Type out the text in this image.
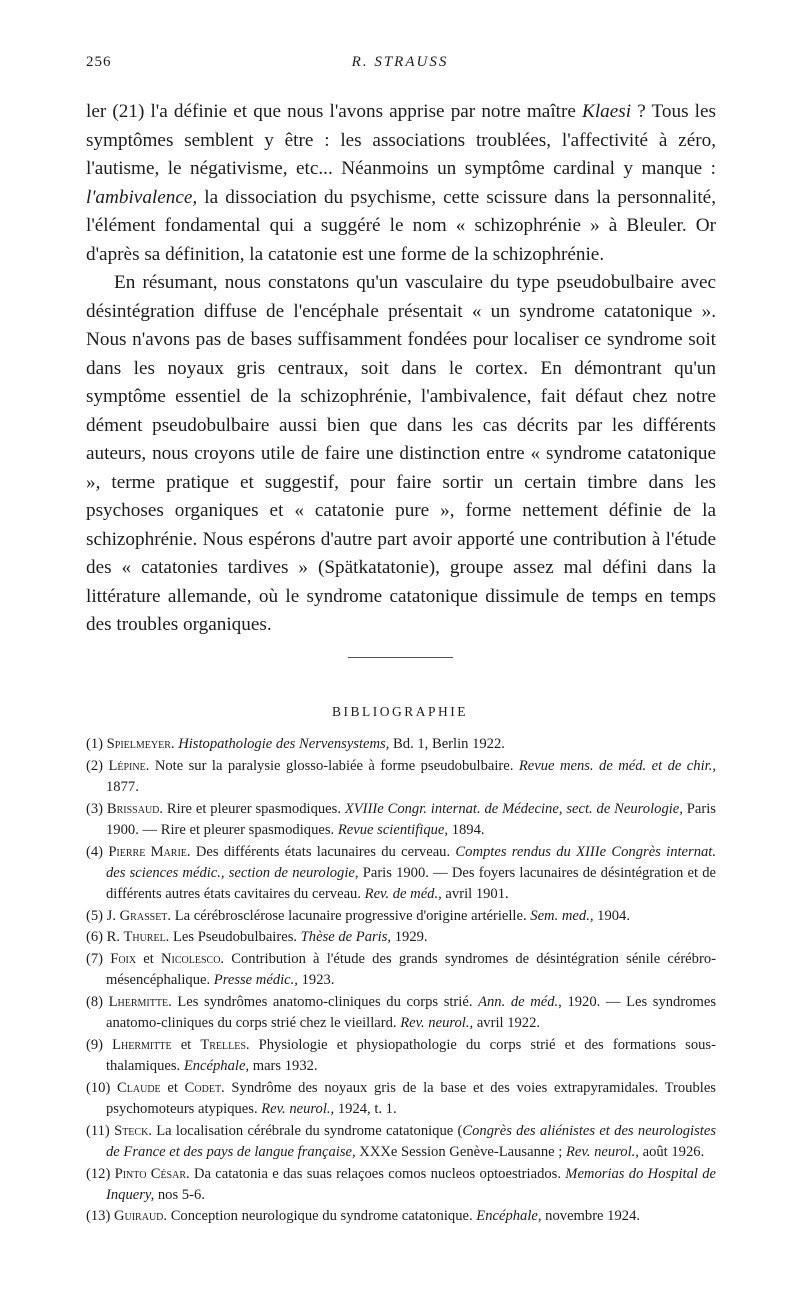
256	R. STRAUSS

ler (21) l'a définie et que nous l'avons apprise par notre maître Klaesi ? Tous les symptômes semblent y être : les associations troublées, l'affectivité à zéro, l'autisme, le négativisme, etc... Néanmoins un symptôme cardinal y manque : l'ambivalence, la dissociation du psychisme, cette scissure dans la personnalité, l'élément fondamental qui a suggéré le nom « schizophrénie » à Bleuler. Or d'après sa définition, la catatonie est une forme de la schizophrénie.

En résumant, nous constatons qu'un vasculaire du type pseudobulbaire avec désintégration diffuse de l'encéphale présentait « un syndrome catatonique ». Nous n'avons pas de bases suffisamment fondées pour localiser ce syndrome soit dans les noyaux gris centraux, soit dans le cortex. En démontrant qu'un symptôme essentiel de la schizophrénie, l'ambivalence, fait défaut chez notre dément pseudobulbaire aussi bien que dans les cas décrits par les différents auteurs, nous croyons utile de faire une distinction entre « syndrome catatonique », terme pratique et suggestif, pour faire sortir un certain timbre dans les psychoses organiques et « catatonie pure », forme nettement définie de la schizophrénie. Nous espérons d'autre part avoir apporté une contribution à l'étude des « catatonies tardives » (Spätkatatonie), groupe assez mal défini dans la littérature allemande, où le syndrome catatonique dissimule de temps en temps des troubles organiques.

BIBLIOGRAPHIE
(1) Spielmeyer. Histopathologie des Nervensystems, Bd. 1, Berlin 1922.
(2) Lépine. Note sur la paralysie glosso-labiée à forme pseudobulbaire. Revue mens. de méd. et de chir., 1877.
(3) Brissaud. Rire et pleurer spasmodiques. XVIIIe Congr. internat. de Médecine, sect. de Neurologie, Paris 1900. — Rire et pleurer spasmodiques. Revue scientifique, 1894.
(4) Pierre Marie. Des différents états lacunaires du cerveau. Comptes rendus du XIIIe Congrès internat. des sciences médic., section de neurologie, Paris 1900. — Des foyers lacunaires de désintégration et de différents autres états cavitaires du cerveau. Rev. de méd., avril 1901.
(5) J. Grasset. La cérébrosclérose lacunaire progressive d'origine artérielle. Sem. med., 1904.
(6) R. Thurel. Les Pseudobulbaires. Thèse de Paris, 1929.
(7) Foix et Nicolesco. Contribution à l'étude des grands syndromes de désintégration sénile cérébro-mésencéphalique. Presse médic., 1923.
(8) Lhermitte. Les syndrômes anatomo-cliniques du corps strié. Ann. de méd., 1920. — Les syndromes anatomo-cliniques du corps strié chez le vieillard. Rev. neurol., avril 1922.
(9) Lhermitte et Trelles. Physiologie et physiopathologie du corps strié et des formations sous-thalamiques. Encéphale, mars 1932.
(10) Claude et Codet. Syndrôme des noyaux gris de la base et des voies extrapyramidales. Troubles psychomoteurs atypiques. Rev. neurol., 1924, t. 1.
(11) Steck. La localisation cérébrale du syndrome catatonique (Congrès des aliénistes et des neurologistes de France et des pays de langue française, XXXe Session Genève-Lausanne ; Rev. neurol., août 1926.
(12) Pinto César. Da catatonia e das suas relaçoes comos nucleos optoestriados. Memorias do Hospital de Inquery, nos 5-6.
(13) Guiraud. Conception neurologique du syndrome catatonique. Encéphale, novembre 1924.
